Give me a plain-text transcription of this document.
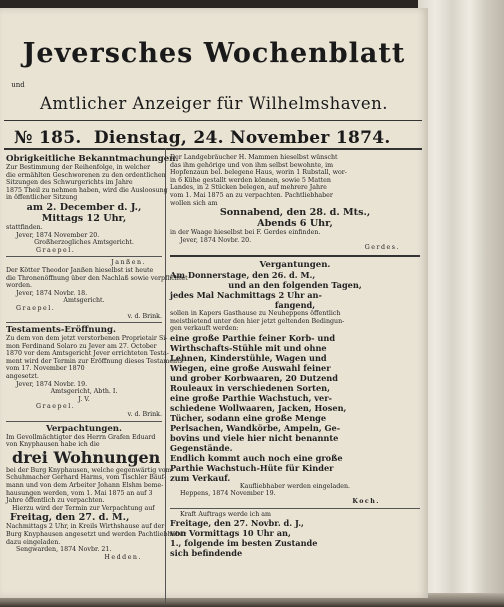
Jeversches Wochenblatt
und
Amtlicher Anzeiger für Wilhelmshaven.
№ 185. Dienstag, 24. November 1874.
Obrigkeitliche Bekanntmachungen.
Zur Bestimmung der Reihenfolge, in welcher
die ermählten Geschworenen zu den ordentlichen
Sitzungen des Schwurgerichts im Jahre
1875 Theil zu nehmen haben, wird die Ausloosung
in öffentlicher Sitzung
am 2. December d. J.,
Mittags 12 Uhr,
stattfinden.
Jever, 1874 November 20.
Großherzogliches Amtsgericht.
Graepel.
Janßen.
Der Kötter Theodor Janßen hieselbst ist heute
die Thronenöffnung über den Nachlaß sowie verpflichtet
worden.
Jever, 1874 Novbr. 18.
Amtsgericht.
Graepel.
v. d. Brink.
Testaments-Eröffnung.
Zu dem von dem jetzt verstorbenen Proprietair Si-
mon Ferdinand Solaro zu Jever am 27. October
1870 vor dem Amtsgericht Jever errichteten Testa-
ment wird der Termin zur Eröffnung dieses Testaments
vom 17. November 1870
angesetzt.
Jever, 1874 Novbr. 19.
Amtsgericht, Abth. I.
J. V.
Graepel.
v. d. Brink.
Verpachtungen.
Im Gevollmächtigter des Herrn Grafen Eduard
von Knyphausen habe ich die
drei Wohnungen
bei der Burg Knyphausen, welche gegenwärtig vom
Schuhmacher Gerhard Harms, vom Tischler Bäuf-
mann und von dem Arbeiter Johann Elshm beme-
hausungen werden, vom 1. Mai 1875 an auf 3
Jahre öffentlich zu verpachten.
Hierzu wird der Termin zur Verpachtung auf
Freitag, den 27. d. M.,
Nachmittags 2 Uhr, in Kreils Wirthshause auf der
Burg Knyphausen angesetzt und werden Pachtliebhaber
dazu eingeladen.
Sengwarden, 1874 Novbr. 21.
Hedden.
Der Landgebräucher H. Mammen hieselbst wünscht
das ihm gehörige und von ihm selbst bewohnte, im
Hopfenzaun bel. belegene Haus, worin 1 Rubstall, wor-
in 6 Kühe gestallt werden können, sowie 5 Matten
Landes, in 2 Stücken belegen, auf mehrere Jahre
vom 1. Mai 1875 an zu verpachten. Pachtliebhaber
wollen sich am
Sonnabend, den 28. d. Mts.,
Abends 6 Uhr,
in der Waage hieselbst bei F. Gerdes einfinden.
Jever, 1874 Novbr. 20.
Gerdes.
Vergantungen.
Am Donnerstage, den 26. d. M.,
und an den folgenden Tagen,
jedes Mal Nachmittags 2 Uhr an-
fangend,
sollen in Kapers Gasthause zu Neuheppens öffentlich
meistbietend unter den hier jetzt geltenden Bedingun-
gen verkauft werden:
eine große Parthie feiner Korb- und
Wirthschafts-Stühle mit und ohne
Lehnen, Kinderstühle, Wagen und
Wiegen, eine große Auswahl feiner
und grober Korbwaaren, 20 Dutzend
Rouleaux in verschiedenen Sorten,
eine große Parthie Wachstuch, ver-
schiedene Wollwaaren, Jacken, Hosen,
Tücher, sodann eine große Menge
Perlsachen, Wandkörbe, Ampeln, Ge-
bovins und viele hier nicht benannte
Gegenstände.
Endlich kommt auch noch eine große
Parthie Wachstuch-Hüte für Kinder
zum Verkauf.
Kaufliebhaber werden eingeladen.
Heppens, 1874 November 19.
Koch.
Kraft Auftrags werde ich am
Freitage, den 27. Novbr. d. J.,
von Vormittags 10 Uhr an,
1., folgende im besten Zustande
sich befindende
